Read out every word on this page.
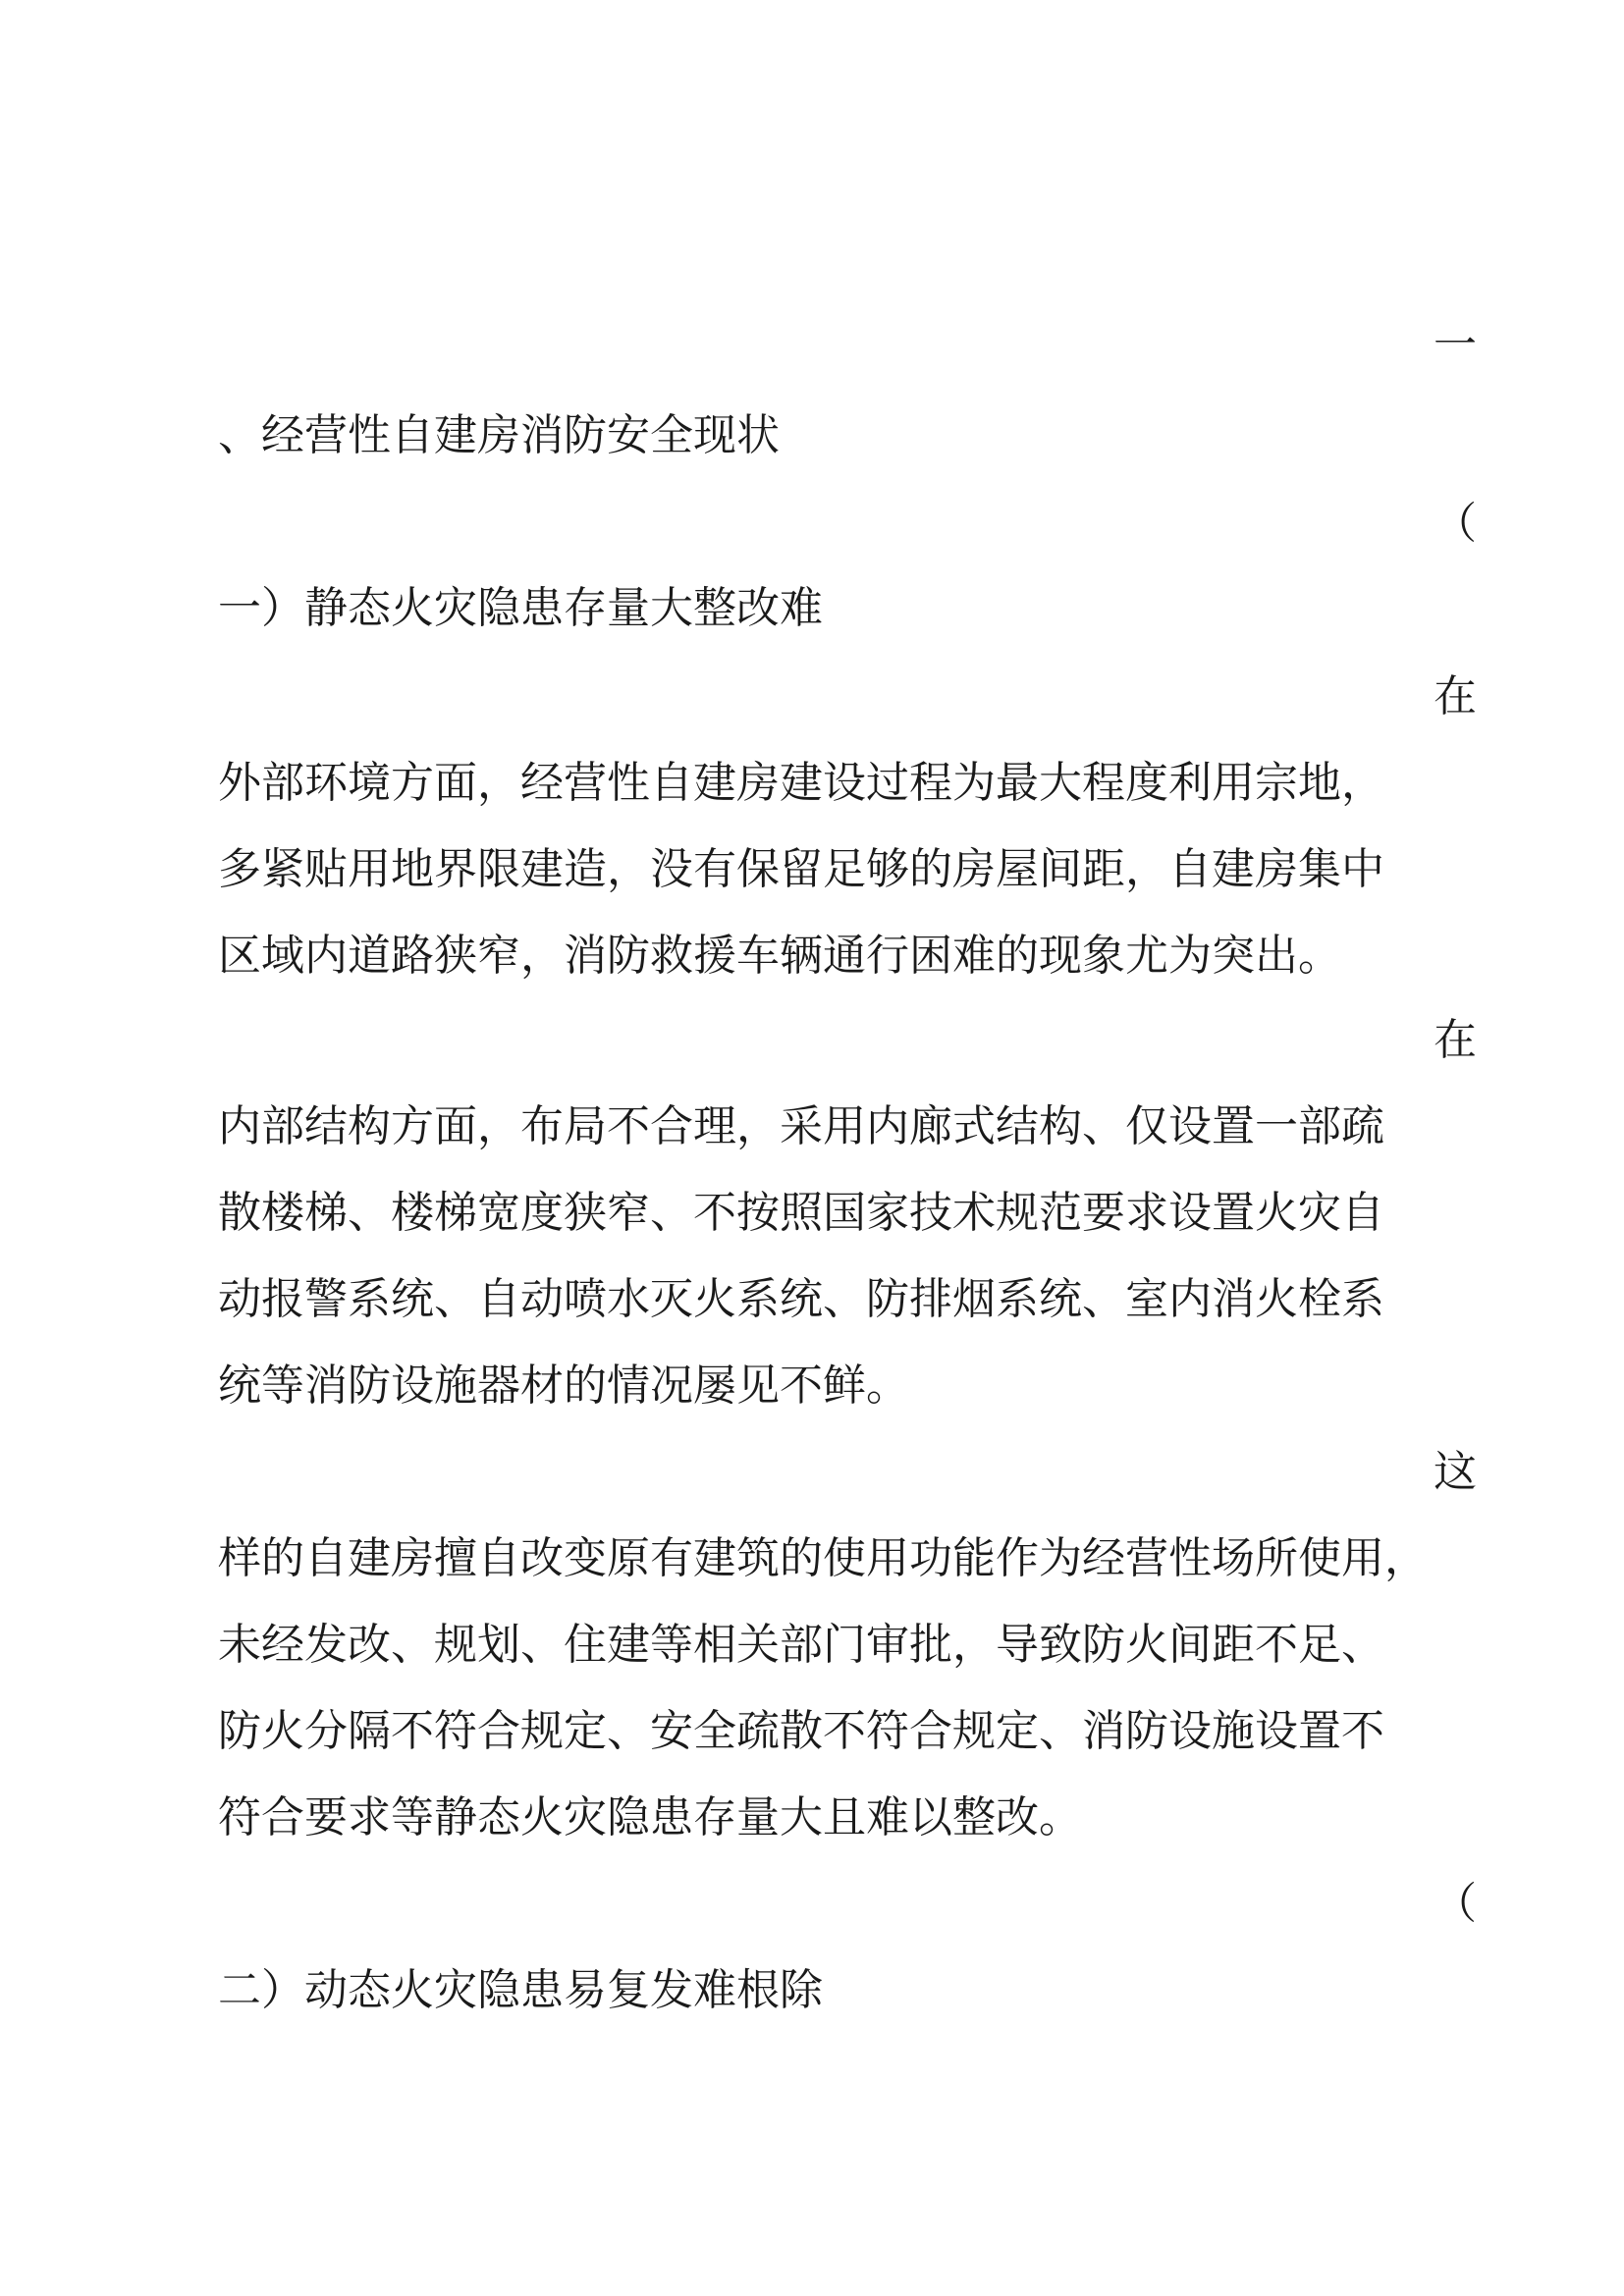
一
、经营性自建房消防安全现状
（
一）静态火灾隐患存量大整改难
在
外部环境方面，经营性自建房建设过程为最大程度利用宗地，
多紧贴用地界限建造，没有保留足够的房屋间距，自建房集中
区域内道路狭窄，消防救援车辆通行困难的现象尤为突出。
在
内部结构方面，布局不合理，采用内廊式结构、仅设置一部疏
散楼梯、楼梯宽度狭窄、不按照国家技术规范要求设置火灾自
动报警系统、自动喷水灭火系统、防排烟系统、室内消火栓系
统等消防设施器材的情况屡见不鲜。
这
样的自建房擅自改变原有建筑的使用功能作为经营性场所使用，
未经发改、规划、住建等相关部门审批，导致防火间距不足、
防火分隔不符合规定、安全疏散不符合规定、消防设施设置不
符合要求等静态火灾隐患存量大且难以整改。
（
二）动态火灾隐患易复发难根除
